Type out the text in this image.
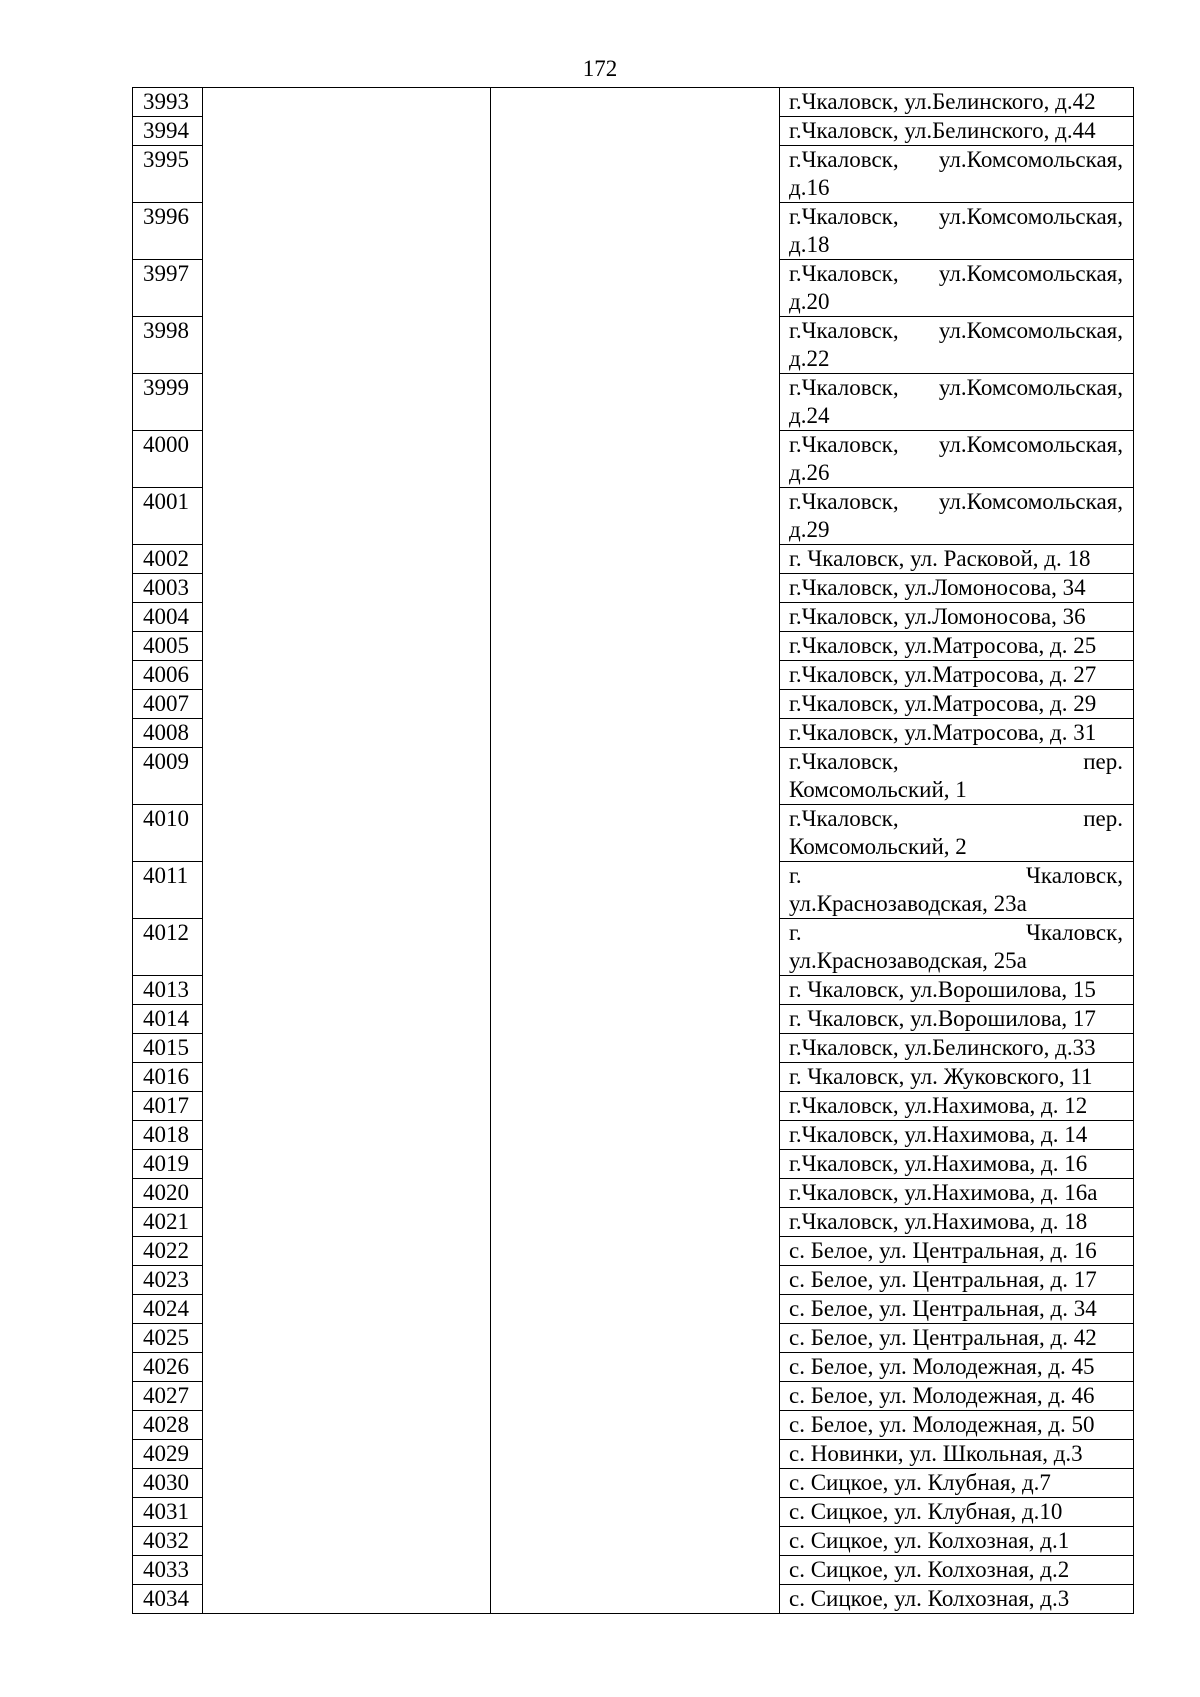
172
3993			г.Чкаловск, ул.Белинского, д.42
3994			г.Чкаловск, ул.Белинского, д.44
3995			г.Чкаловск, ул.Комсомольская, д.16
3996			г.Чкаловск, ул.Комсомольская, д.18
3997			г.Чкаловск, ул.Комсомольская, д.20
3998			г.Чкаловск, ул.Комсомольская, д.22
3999			г.Чкаловск, ул.Комсомольская, д.24
4000			г.Чкаловск, ул.Комсомольская, д.26
4001			г.Чкаловск, ул.Комсомольская, д.29
4002			г. Чкаловск, ул. Расковой, д. 18
4003			г.Чкаловск, ул.Ломоносова, 34
4004			г.Чкаловск, ул.Ломоносова, 36
4005			г.Чкаловск, ул.Матросова, д. 25
4006			г.Чкаловск, ул.Матросова, д. 27
4007			г.Чкаловск, ул.Матросова, д. 29
4008			г.Чкаловск, ул.Матросова, д. 31
4009			г.Чкаловск, пер.
Комсомольский, 1

4010			г.Чкаловск, пер.
Комсомольский, 2

4011			г. Чкаловск,
ул.Краснозаводская, 23а

4012			г. Чкаловск,
ул.Краснозаводская, 25а

4013			г. Чкаловск, ул.Ворошилова, 15
4014			г. Чкаловск, ул.Ворошилова, 17
4015			г.Чкаловск, ул.Белинского, д.33
4016			г. Чкаловск, ул. Жуковского, 11
4017			г.Чкаловск, ул.Нахимова, д. 12
4018			г.Чкаловск, ул.Нахимова, д. 14
4019			г.Чкаловск, ул.Нахимова, д. 16
4020			г.Чкаловск, ул.Нахимова, д. 16а
4021			г.Чкаловск, ул.Нахимова, д. 18
4022			с. Белое, ул. Центральная, д. 16
4023			с. Белое, ул. Центральная, д. 17
4024			с. Белое, ул. Центральная, д. 34
4025			с. Белое, ул. Центральная, д. 42
4026			с. Белое, ул. Молодежная, д. 45
4027			с. Белое, ул. Молодежная, д. 46
4028			с. Белое, ул. Молодежная, д. 50
4029			с. Новинки, ул. Школьная, д.3
4030			с. Сицкое, ул. Клубная, д.7
4031			с. Сицкое, ул. Клубная, д.10
4032			с. Сицкое, ул. Колхозная, д.1
4033			с. Сицкое, ул. Колхозная, д.2
4034			с. Сицкое, ул. Колхозная, д.3
